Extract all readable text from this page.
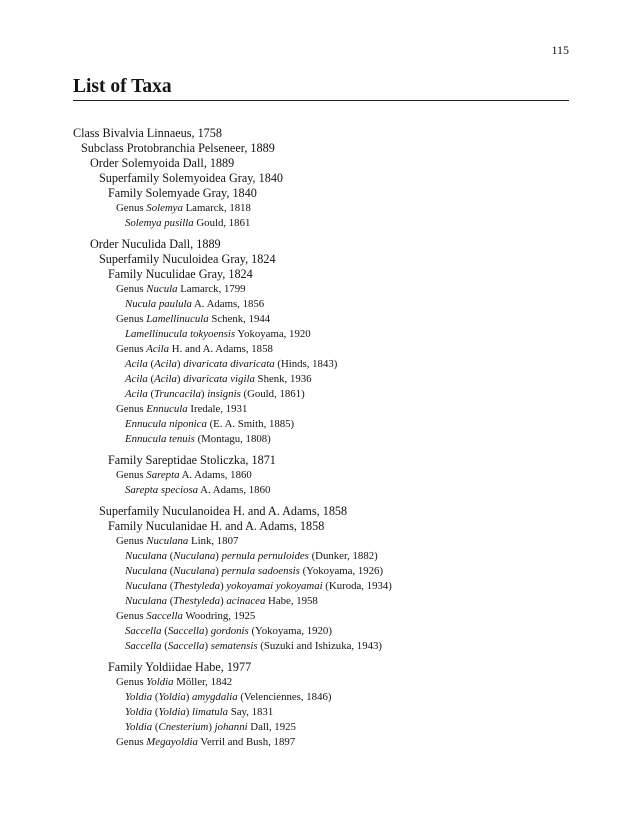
115
List of Taxa
Class Bivalvia Linnaeus, 1758
Subclass Protobranchia Pelseneer, 1889
Order Solemyoida Dall, 1889
Superfamily Solemyoidea Gray, 1840
Family Solemyade Gray, 1840
Genus Solemya Lamarck, 1818
Solemya pusilla Gould, 1861
Order Nuculida Dall, 1889
Superfamily Nuculoidea Gray, 1824
Family Nuculidae Gray, 1824
Genus Nucula Lamarck, 1799
Nucula paulula A. Adams, 1856
Genus Lamellinucula Schenk, 1944
Lamellinucula tokyoensis Yokoyama, 1920
Genus Acila H. and A. Adams, 1858
Acila (Acila) divaricata divaricata (Hinds, 1843)
Acila (Acila) divaricata vigila Shenk, 1936
Acila (Truncacila) insignis (Gould, 1861)
Genus Ennucula Iredale, 1931
Ennucula niponica (E. A. Smith, 1885)
Ennucula tenuis (Montagu, 1808)
Family Sareptidae Stoliczka, 1871
Genus Sarepta A. Adams, 1860
Sarepta speciosa A. Adams, 1860
Superfamily Nuculanoidea H. and A. Adams, 1858
Family Nuculanidae H. and A. Adams, 1858
Genus Nuculana Link, 1807
Nuculana (Nuculana) pernula pernuloides (Dunker, 1882)
Nuculana (Nuculana) pernula sadoensis (Yokoyama, 1926)
Nuculana (Thestyleda) yokoyamai yokoyamai (Kuroda, 1934)
Nuculana (Thestyleda) acinacea Habe, 1958
Genus Saccella Woodring, 1925
Saccella (Saccella) gordonis (Yokoyama, 1920)
Saccella (Saccella) sematensis (Suzuki and Ishizuka, 1943)
Family Yoldiidae Habe, 1977
Genus Yoldia Möller, 1842
Yoldia (Yoldia) amygdalia (Velenciennes, 1846)
Yoldia (Yoldia) limatula Say, 1831
Yoldia (Cnesterium) johanni Dall, 1925
Genus Megayoldia Verril and Bush, 1897
